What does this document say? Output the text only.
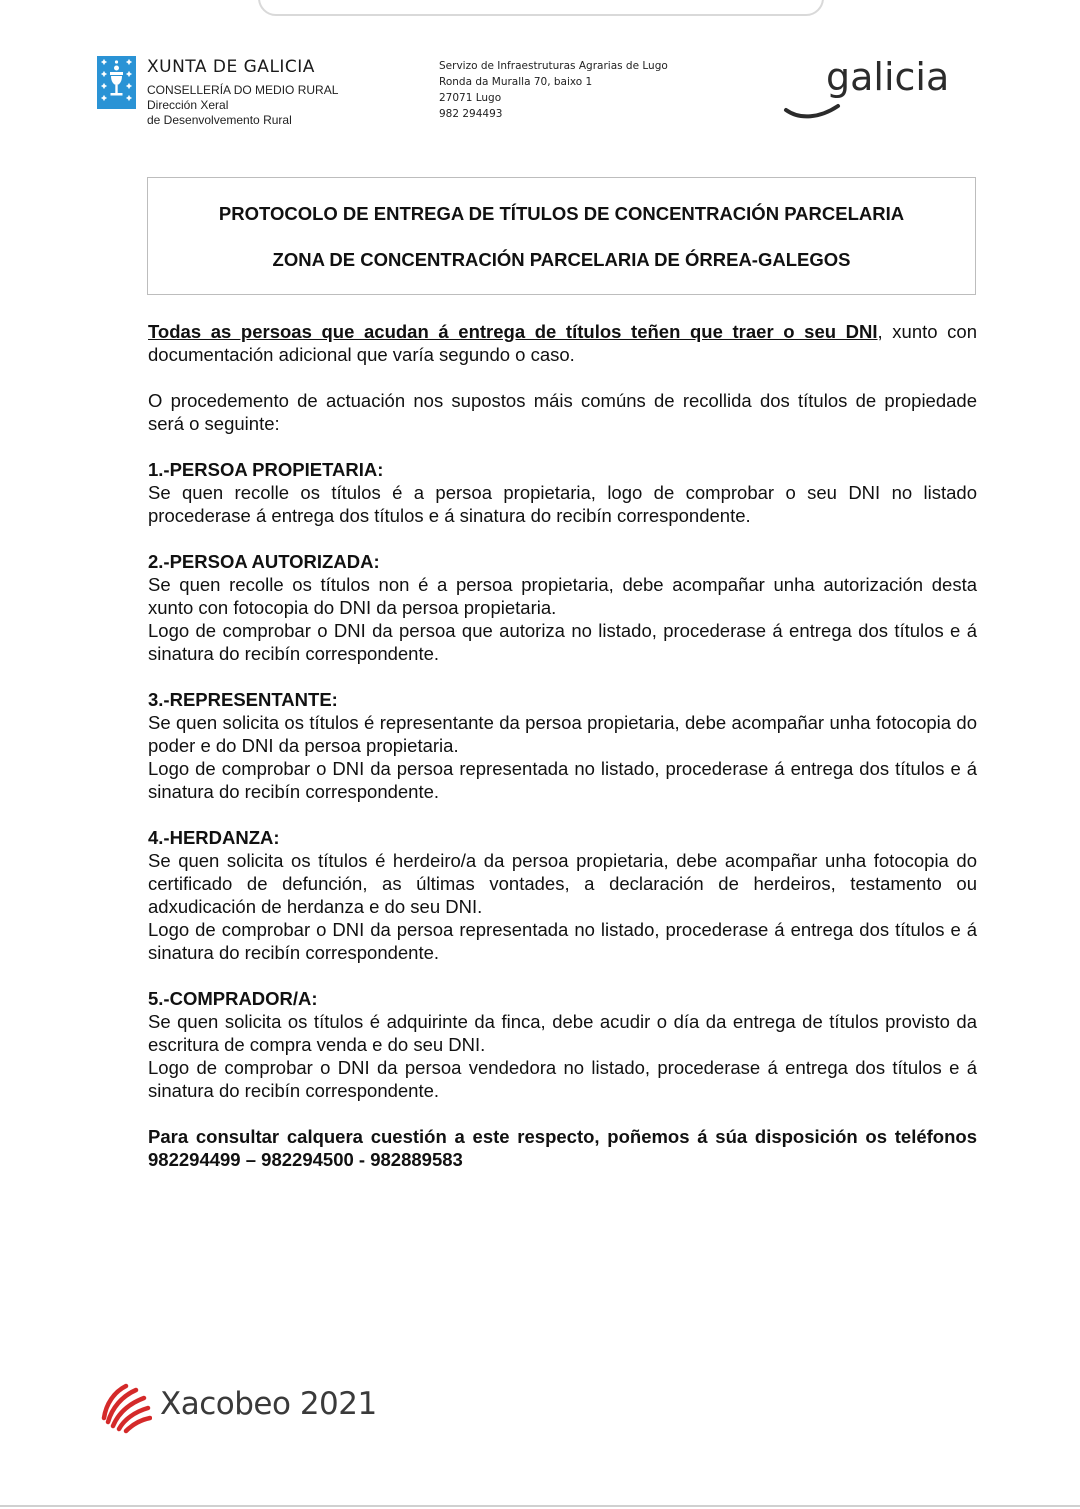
XUNTA DE GALICIA
CONSELLERÍA DO MEDIO RURAL
Dirección Xeral
de Desenvolvemento Rural
Servizo de Infraestruturas Agrarias de Lugo
Ronda da Muralla 70, baixo 1
27071 Lugo
982 294493
galicia
PROTOCOLO DE ENTREGA DE TÍTULOS DE CONCENTRACIÓN PARCELARIA
ZONA DE CONCENTRACIÓN PARCELARIA DE ÓRREA-GALEGOS

Todas as persoas que acudan á entrega de títulos teñen que traer o seu DNI, xunto con documentación adicional que varía segundo o caso.

O procedemento de actuación nos supostos máis comúns de recollida dos títulos de propiedade será o seguinte:

1.-PERSOA PROPIETARIA:

Se quen recolle os títulos é a persoa propietaria, logo de comprobar o seu DNI no listado procederase á entrega dos títulos e á sinatura do recibín correspondente.

2.-PERSOA AUTORIZADA:

Se quen recolle os títulos non é a persoa propietaria, debe acompañar unha autorización desta xunto con fotocopia do DNI da persoa propietaria.

Logo de comprobar o DNI da persoa que autoriza no listado, procederase á entrega dos títulos e á sinatura do recibín correspondente.

3.-REPRESENTANTE:

Se quen solicita os títulos é representante da persoa propietaria, debe acompañar unha fotocopia do poder e do DNI da persoa propietaria.

Logo de comprobar o DNI da persoa representada no listado, procederase á entrega dos títulos e á sinatura do recibín correspondente.

4.-HERDANZA:

Se quen solicita os títulos é herdeiro/a da persoa propietaria, debe acompañar unha fotocopia do certificado de defunción, as últimas vontades, a declaración de herdeiros, testamento ou adxudicación de herdanza e do seu DNI.

Logo de comprobar o DNI da persoa representada no listado, procederase á entrega dos títulos e á sinatura do recibín correspondente.

5.-COMPRADOR/A:

Se quen solicita os títulos é adquirinte da finca, debe acudir o día da entrega de títulos provisto da escritura de compra venda e do seu DNI.

Logo de comprobar o DNI da persoa vendedora no listado, procederase á entrega dos títulos e á sinatura do recibín correspondente.

Para consultar calquera cuestión a este respecto, poñemos á súa disposición os teléfonos 982294499 – 982294500 - 982889583

Xacobeo 2021
